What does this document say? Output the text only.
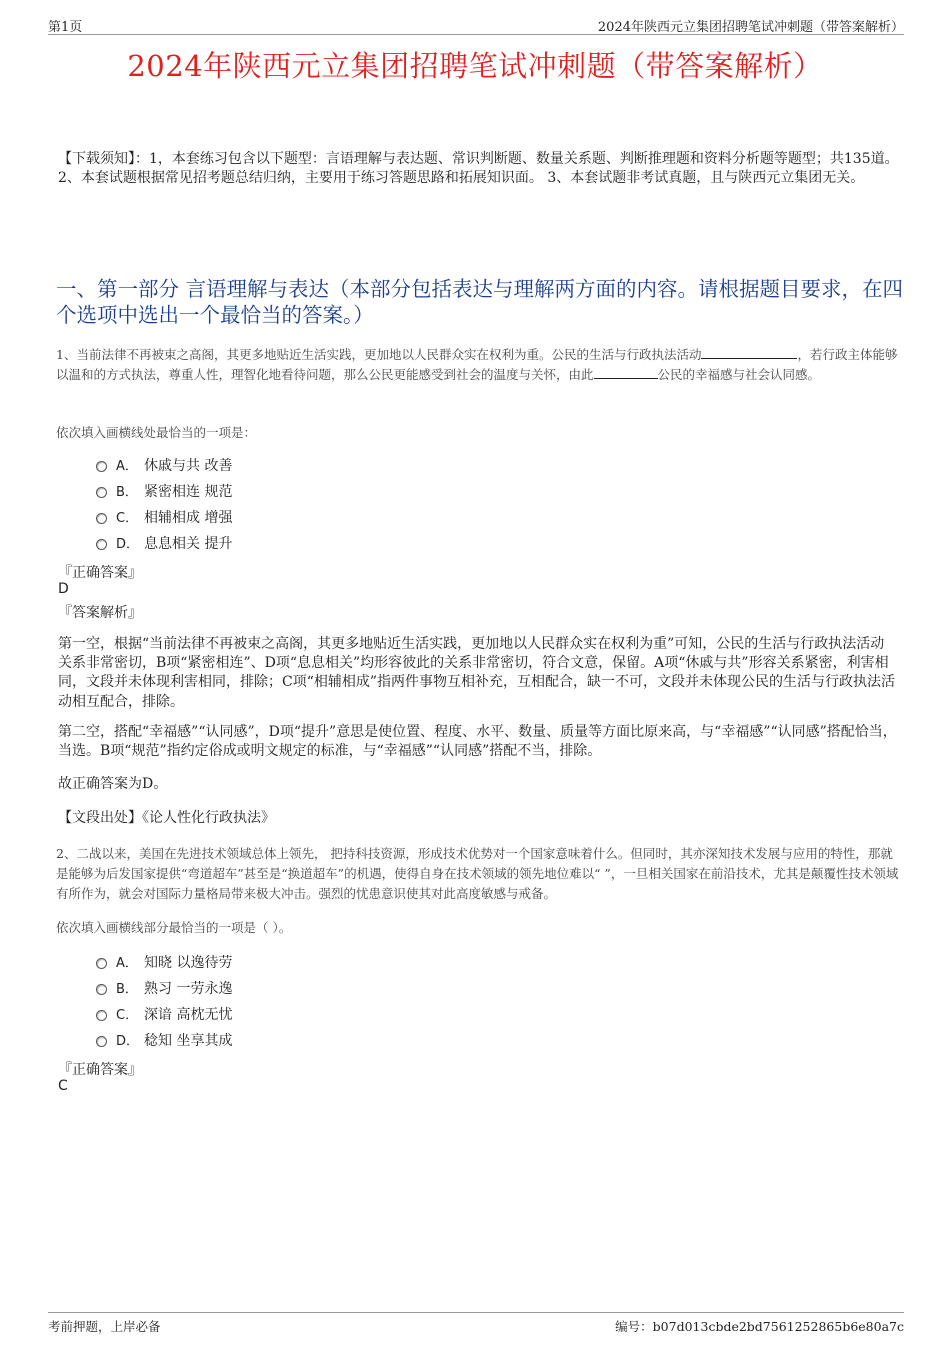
第1页	2024年陕西元立集团招聘笔试冲刺题（带答案解析）
2024年陕西元立集团招聘笔试冲刺题（带答案解析）
【下载须知】：1，本套练习包含以下题型：言语理解与表达题、常识判断题、数量关系题、判断推理题和资料分析题等题型；共135道。 2、本套试题根据常见招考题总结归纳，主要用于练习答题思路和拓展知识面。 3、本套试题非考试真题，且与陕西元立集团无关。
一、第一部分 言语理解与表达（本部分包括表达与理解两方面的内容。请根据题目要求，在四个选项中选出一个最恰当的答案。）
1、当前法律不再被束之高阁，其更多地贴近生活实践，更加地以人民群众实在权利为重。公民的生活与行政执法活动	，若行政主体能够以温和的方式执法，尊重人性，理智化地看待问题，那么公民更能感受到社会的温度与关怀，由此	公民的幸福感与社会认同感。
依次填入画横线处最恰当的一项是：
A． 休戚与共 改善
B． 紧密相连 规范
C． 相辅相成 增强
D． 息息相关 提升
『正确答案』
D
『答案解析』
第一空，根据“当前法律不再被束之高阁，其更多地贴近生活实践，更加地以人民群众实在权利为重”可知，公民的生活与行政执法活动关系非常密切，B项“紧密相连”、D项“息息相关”均形容彼此的关系非常密切，符合文意，保留。A项“休戚与共”形容关系紧密，利害相同，文段并未体现利害相同，排除；C项“相辅相成”指两件事物互相补充，互相配合，缺一不可，文段并未体现公民的生活与行政执法活动相互配合，排除。
第二空，搭配“幸福感”“认同感”，D项“提升”意思是使位置、程度、水平、数量、质量等方面比原来高，与“幸福感”“认同感”搭配恰当，当选。B项“规范”指约定俗成或明文规定的标准，与“幸福感”“认同感”搭配不当，排除。
故正确答案为D。
【文段出处】《论人性化行政执法》
2、二战以来，美国在先进技术领域总体上领先， 把持科技资源，形成技术优势对一个国家意味着什么。但同时，其亦深知技术发展与应用的特性，那就是能够为后发国家提供“弯道超车”甚至是“换道超车”的机遇，使得自身在技术领域的领先地位难以“ ”，一旦相关国家在前沿技术，尤其是颠覆性技术领域有所作为，就会对国际力量格局带来极大冲击。强烈的忧患意识使其对此高度敏感与戒备。
依次填入画横线部分最恰当的一项是（ ）。
A． 知晓 以逸待劳
B． 熟习 一劳永逸
C． 深谙 高枕无忧
D． 稔知 坐享其成
『正确答案』
C
考前押题，上岸必备	编号：b07d013cbde2bd7561252865b6e80a7c
